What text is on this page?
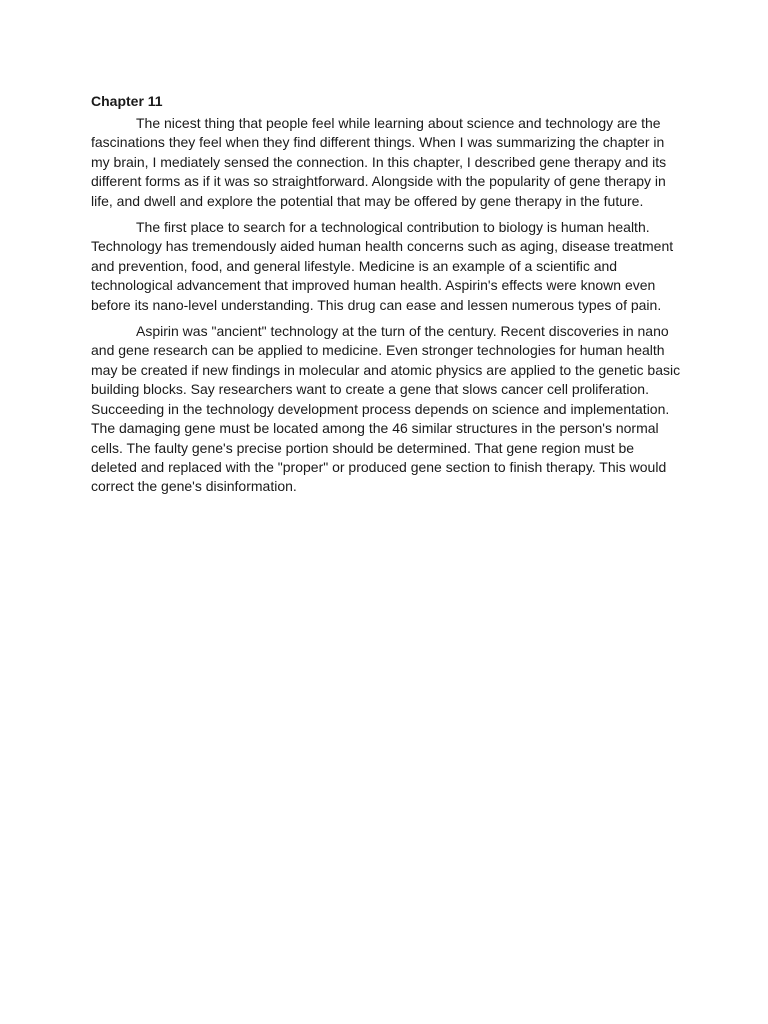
Chapter 11

The nicest thing that people feel while learning about science and technology are the fascinations they feel when they find different things. When I was summarizing the chapter in my brain, I mediately sensed the connection. In this chapter, I described gene therapy and its different forms as if it was so straightforward. Alongside with the popularity of gene therapy in life, and dwell and explore the potential that may be offered by gene therapy in the future.

The first place to search for a technological contribution to biology is human health. Technology has tremendously aided human health concerns such as aging, disease treatment and prevention, food, and general lifestyle. Medicine is an example of a scientific and technological advancement that improved human health. Aspirin's effects were known even before its nano-level understanding. This drug can ease and lessen numerous types of pain.

Aspirin was "ancient" technology at the turn of the century. Recent discoveries in nano and gene research can be applied to medicine. Even stronger technologies for human health may be created if new findings in molecular and atomic physics are applied to the genetic basic building blocks. Say researchers want to create a gene that slows cancer cell proliferation. Succeeding in the technology development process depends on science and implementation. The damaging gene must be located among the 46 similar structures in the person's normal cells. The faulty gene's precise portion should be determined. That gene region must be deleted and replaced with the "proper" or produced gene section to finish therapy. This would correct the gene's disinformation.
